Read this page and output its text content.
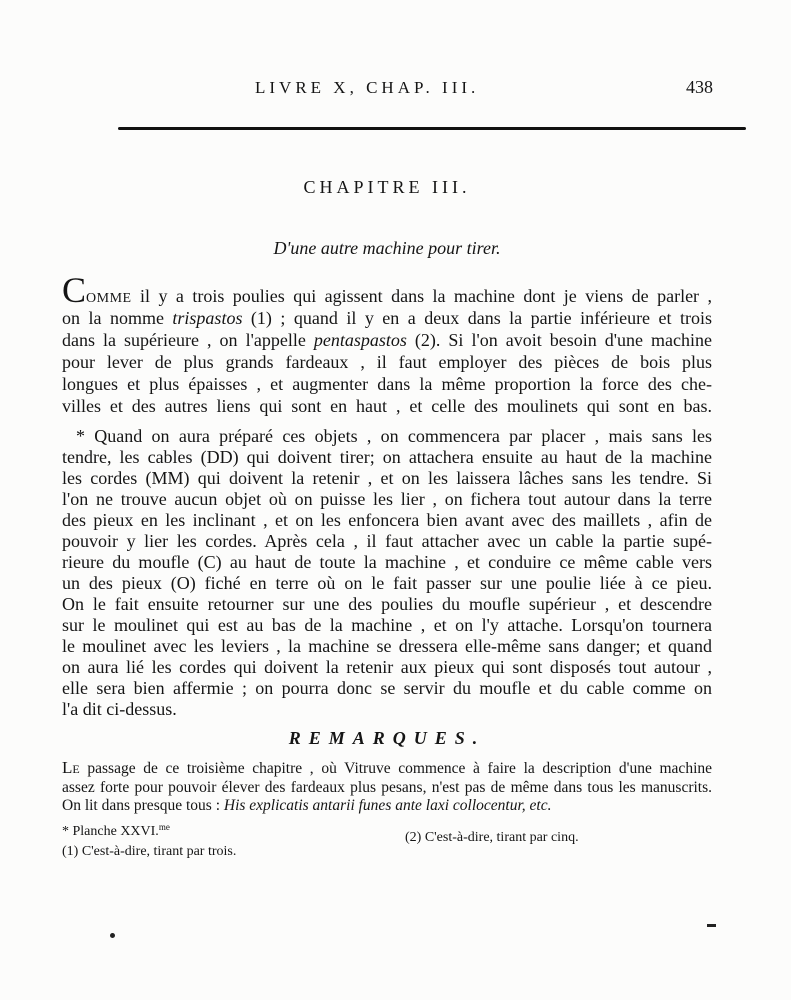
LIVRE X, CHAP. III.	438
CHAPITRE III.
D'une autre machine pour tirer.
COMME il y a trois poulies qui agissent dans la machine dont je viens de parler ,
on la nomme trispastos (1) ; quand il y en a deux dans la partie inférieure et trois
dans la supérieure , on l'appelle pentaspastos (2). Si l'on avoit besoin d'une machine
pour lever de plus grands fardeaux , il faut employer des pièces de bois plus
longues et plus épaisses , et augmenter dans la même proportion la force des che-
villes et des autres liens qui sont en haut , et celle des moulinets qui sont en bas.
* Quand on aura préparé ces objets , on commencera par placer , mais sans les
tendre, les cables (DD) qui doivent tirer; on attachera ensuite au haut de la machine
les cordes (MM) qui doivent la retenir , et on les laissera lâches sans les tendre. Si
l'on ne trouve aucun objet où on puisse les lier , on fichera tout autour dans la terre
des pieux en les inclinant , et on les enfoncera bien avant avec des maillets , afin de
pouvoir y lier les cordes. Après cela , il faut attacher avec un cable la partie supé-
rieure du moufle (C) au haut de toute la machine , et conduire ce même cable vers
un des pieux (O) fiché en terre où on le fait passer sur une poulie liée à ce pieu.
On le fait ensuite retourner sur une des poulies du moufle supérieur , et descendre
sur le moulinet qui est au bas de la machine , et on l'y attache. Lorsqu'on tournera
le moulinet avec les leviers , la machine se dressera elle-même sans danger; et quand
on aura lié les cordes qui doivent la retenir aux pieux qui sont disposés tout autour ,
elle sera bien affermie ; on pourra donc se servir du moufle et du cable comme on
l'a dit ci-dessus.
REMARQUES.
LE passage de ce troisième chapitre , où Vitruve commence à faire la description d'une machine
assez forte pour pouvoir élever des fardeaux plus pesans, n'est pas de même dans tous les manuscrits.
On lit dans presque tous : His explicatis antarii funes ante laxi collocentur, etc.
* Planche XXVI.$^{me}$
(1) C'est-à-dire, tirant par trois.
(2) C'est-à-dire, tirant par cinq.
